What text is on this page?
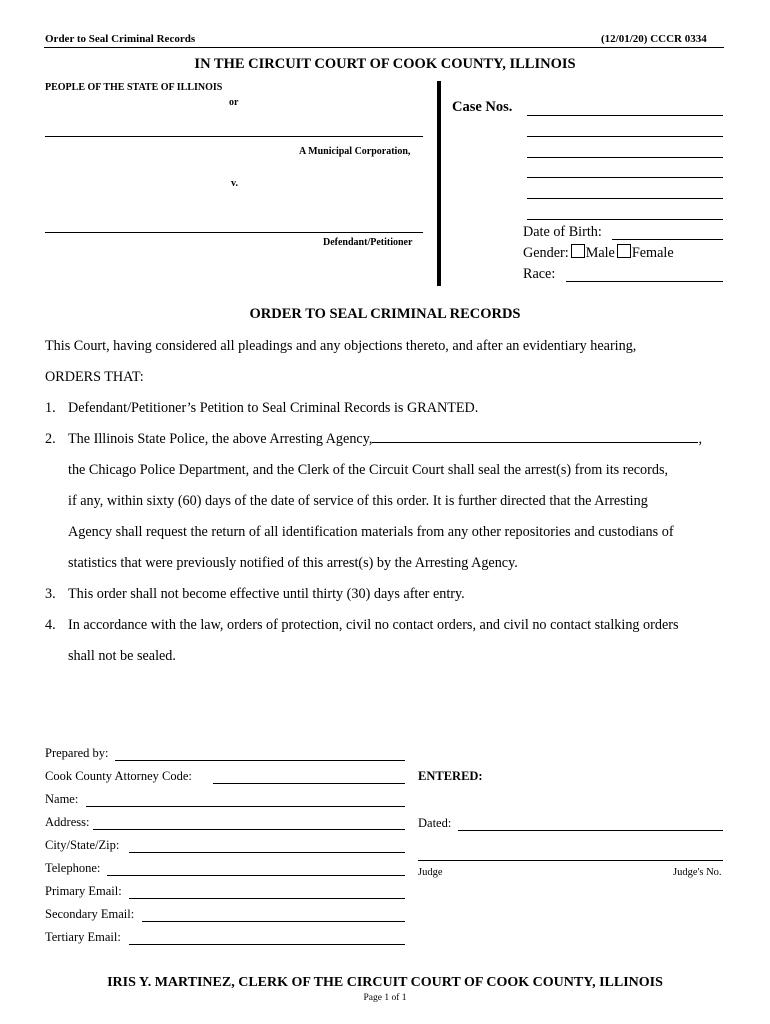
Order to Seal Criminal Records	(12/01/20) CCCR 0334
IN THE CIRCUIT COURT OF COOK COUNTY, ILLINOIS
PEOPLE OF THE STATE OF ILLINOIS
or
A Municipal Corporation,
v.
Defendant/Petitioner
Case Nos.
Date of Birth:
Gender: Male Female
Race:
ORDER TO SEAL CRIMINAL RECORDS
This Court, having considered all pleadings and any objections thereto, and after an evidentiary hearing,
ORDERS THAT:
1. Defendant/Petitioner’s Petition to Seal Criminal Records is GRANTED.
2. The Illinois State Police, the above Arresting Agency,	,
the Chicago Police Department, and the Clerk of the Circuit Court shall seal the arrest(s) from its records,
if any, within sixty (60) days of the date of service of this order. It is further directed that the Arresting
Agency shall request the return of all identification materials from any other repositories and custodians of
statistics that were previously notified of this arrest(s) by the Arresting Agency.
3. This order shall not become effective until thirty (30) days after entry.
4. In accordance with the law, orders of protection, civil no contact orders, and civil no contact stalking orders
shall not be sealed.
Prepared by:
Cook County Attorney Code:
Name:
Address:
City/State/Zip:
Telephone:
Primary Email:
Secondary Email:
Tertiary Email:
ENTERED:
Dated:
Judge	Judge's No.
IRIS Y. MARTINEZ, CLERK OF THE CIRCUIT COURT OF COOK COUNTY, ILLINOIS
Page 1 of 1
